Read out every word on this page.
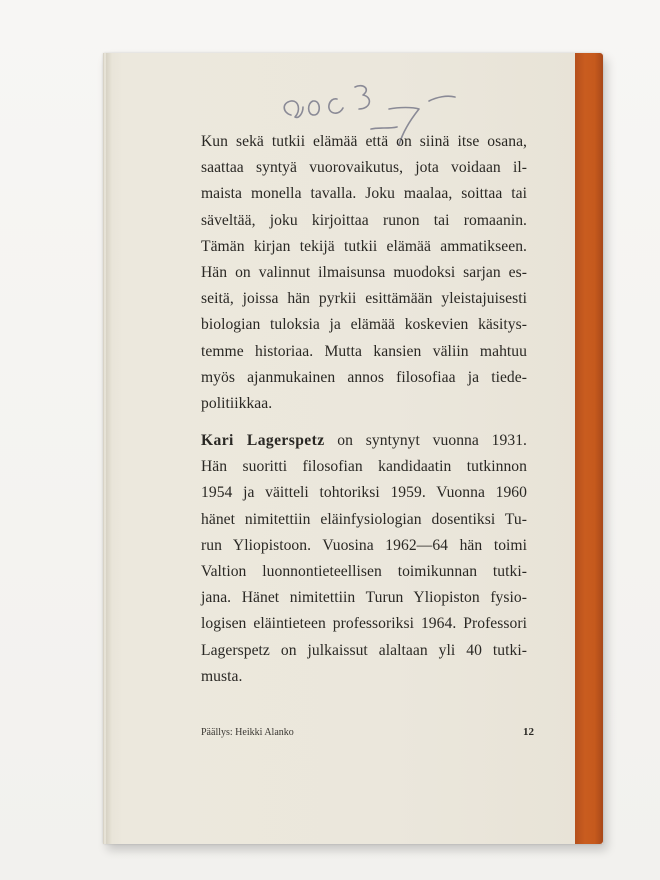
Kun sekä tutkii elämää että on siinä itse osana,
saattaa syntyä vuorovaikutus, jota voidaan il-
maista monella tavalla. Joku maalaa, soittaa tai
säveltää, joku kirjoittaa runon tai romaanin.
Tämän kirjan tekijä tutkii elämää ammatikseen.
Hän on valinnut ilmaisunsa muodoksi sarjan es-
seitä, joissa hän pyrkii esittämään yleistajuisesti
biologian tuloksia ja elämää koskevien käsitys-
temme historiaa. Mutta kansien väliin mahtuu
myös ajanmukainen annos filosofiaa ja tiede-
politiikkaa.
Kari Lagerspetz on syntynyt vuonna 1931.
Hän suoritti filosofian kandidaatin tutkinnon
1954 ja väitteli tohtoriksi 1959. Vuonna 1960
hänet nimitettiin eläinfysiologian dosentiksi Tu-
run Yliopistoon. Vuosina 1962—64 hän toimi
Valtion luonnontieteellisen toimikunnan tutki-
jana. Hänet nimitettiin Turun Yliopiston fysio-
logisen eläintieteen professoriksi 1964. Professori
Lagerspetz on julkaissut alaltaan yli 40 tutki-
musta.
Päällys: Heikki Alanko	12
